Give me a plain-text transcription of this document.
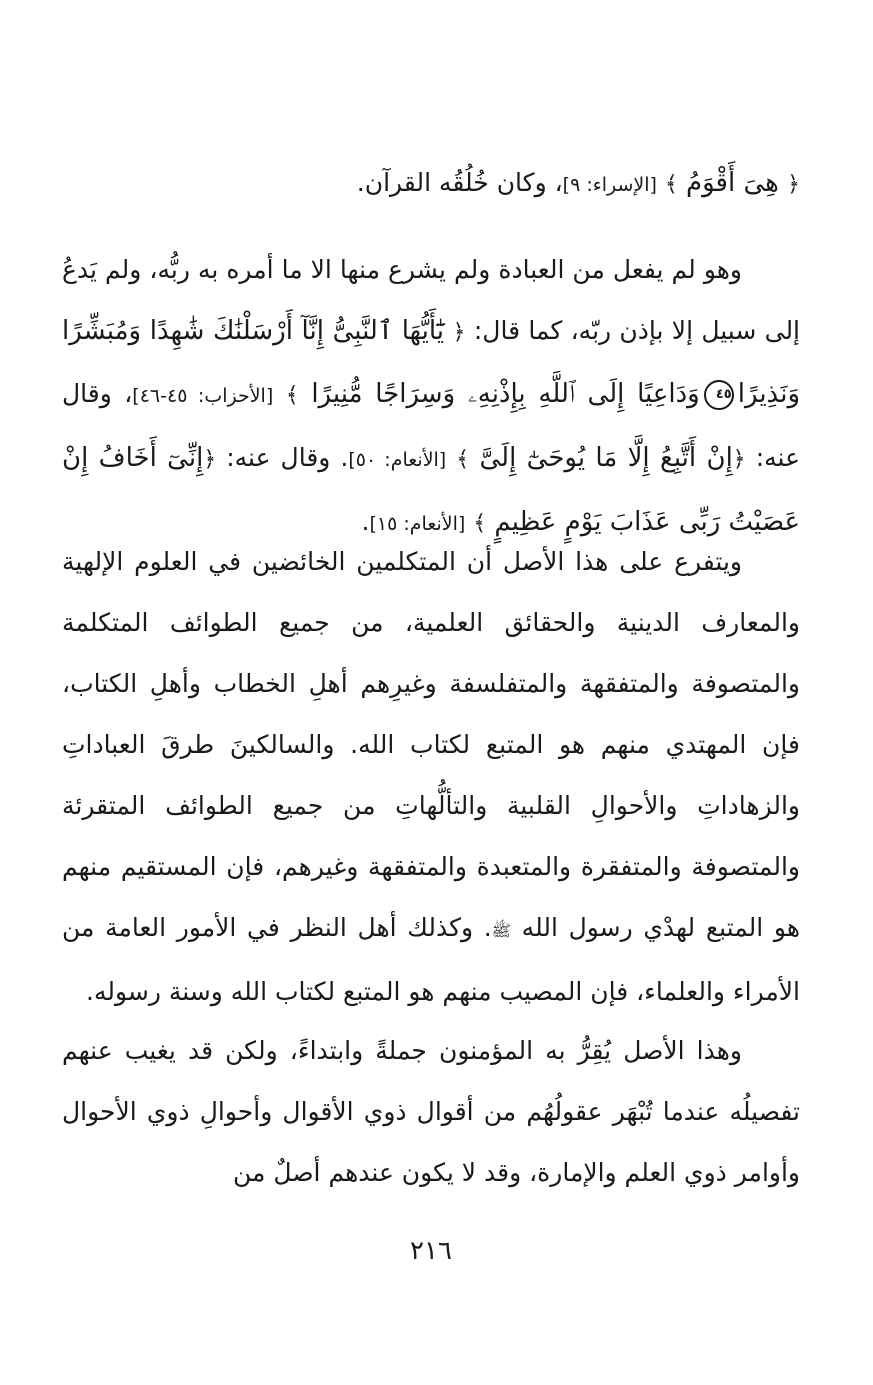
﴿ هِىَ أَقْوَمُ ﴾ [الإسراء: ٩]، وكان خُلُقُه القرآن.

وهو لم يفعل من العبادة ولم يشرع منها الا ما أمره به ربُّه، ولم يَدعُ إلى سبيل إلا بإذن ربّه، كما قال: ﴿ يَٰٓأَيُّهَا ٱلنَّبِىُّ إِنَّآ أَرْسَلْنَٰكَ شَٰهِدًا وَمُبَشِّرًا وَنَذِيرًا٤٥وَدَاعِيًا إِلَى ٱللَّهِ بِإِذْنِهِۦ وَسِرَاجًا مُّنِيرًا ﴾ [الأحزاب: ٤٥-٤٦]، وقال عنه: ﴿إِنْ أَتَّبِعُ إِلَّا مَا يُوحَىٰٓ إِلَىَّ ﴾ [الأنعام: ٥٠]. وقال عنه: ﴿إِنِّىٓ أَخَافُ إِنْ عَصَيْتُ رَبِّى عَذَابَ يَوْمٍ عَظِيمٍ ﴾ [الأنعام: ١٥].

ويتفرع على هذا الأصل أن المتكلمين الخائضين في العلوم الإلهية والمعارف الدينية والحقائق العلمية، من جميع الطوائف المتكلمة والمتصوفة والمتفقهة والمتفلسفة وغيرِهم أهلِ الخطاب وأهلِ الكتاب، فإن المهتدي منهم هو المتبع لكتاب الله. والسالكينَ طرقَ العباداتِ والزهاداتِ والأحوالِ القلبية والتألُّهاتِ من جميع الطوائف المتقرئة والمتصوفة والمتفقرة والمتعبدة والمتفقهة وغيرهم، فإن المستقيم منهم هو المتبع لهدْي رسول الله ﷺ. وكذلك أهل النظر في الأمور العامة من الأمراء والعلماء، فإن المصيب منهم هو المتبع لكتاب الله وسنة رسوله.

وهذا الأصل يُقِرُّ به المؤمنون جملةً وابتداءً، ولكن قد يغيب عنهم تفصيلُه عندما تُبْهَر عقولُهُم من أقوال ذوي الأقوال وأحوالِ ذوي الأحوال وأوامر ذوي العلم والإمارة، وقد لا يكون عندهم أصلٌ من

٢١٦
